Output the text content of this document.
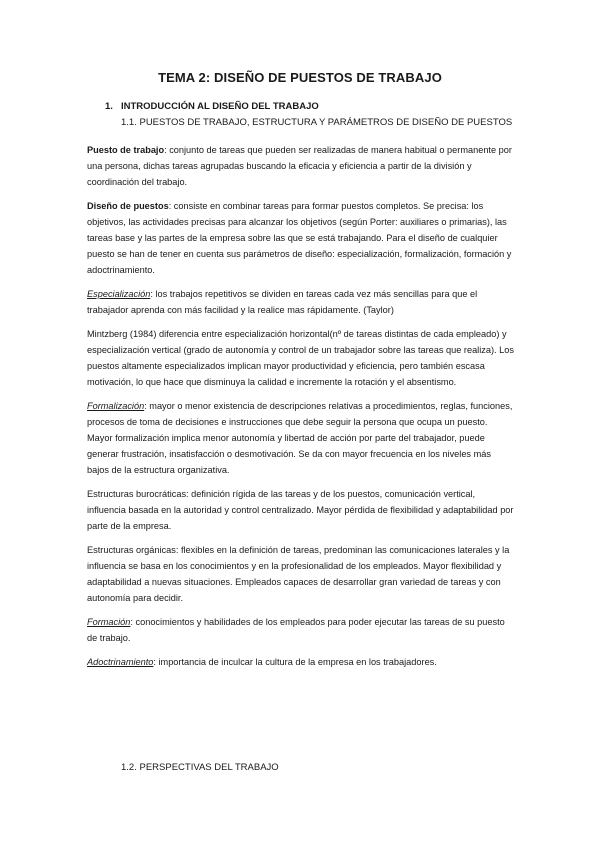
TEMA 2: DISEÑO DE PUESTOS DE TRABAJO
1. INTRODUCCIÓN AL DISEÑO DEL TRABAJO
1.1. PUESTOS DE TRABAJO, ESTRUCTURA Y PARÁMETROS DE DISEÑO DE PUESTOS

Puesto de trabajo: conjunto de tareas que pueden ser realizadas de manera habitual o permanente por una persona, dichas tareas agrupadas buscando la eficacia y eficiencia a partir de la división y coordinación del trabajo.

Diseño de puestos: consiste en combinar tareas para formar puestos completos. Se precisa: los objetivos, las actividades precisas para alcanzar los objetivos (según Porter: auxiliares o primarias), las tareas base y las partes de la empresa sobre las que se está trabajando. Para el diseño de cualquier puesto se han de tener en cuenta sus parámetros de diseño: especialización, formalización, formación y adoctrinamiento.

Especialización: los trabajos repetitivos se dividen en tareas cada vez más sencillas para que el trabajador aprenda con más facilidad y la realice mas rápidamente. (Taylor)

Mintzberg (1984) diferencia entre especialización horizontal(nº de tareas distintas de cada empleado) y especialización vertical (grado de autonomía y control de un trabajador sobre las tareas que realiza). Los puestos altamente especializados implican mayor productividad y eficiencia, pero también escasa motivación, lo que hace que disminuya la calidad e incremente la rotación y el absentismo.

Formalización: mayor o menor existencia de descripciones relativas a procedimientos, reglas, funciones, procesos de toma de decisiones e instrucciones que debe seguir la persona que ocupa un puesto. Mayor formalización implica menor autonomía y libertad de acción por parte del trabajador, puede generar frustración, insatisfacción o desmotivación. Se da con mayor frecuencia en los niveles más bajos de la estructura organizativa.

Estructuras burocráticas: definición rígida de las tareas y de los puestos, comunicación vertical, influencia basada en la autoridad y control centralizado. Mayor pérdida de flexibilidad y adaptabilidad por parte de la empresa.

Estructuras orgánicas: flexibles en la definición de tareas, predominan las comunicaciones laterales y la influencia se basa en los conocimientos y en la profesionalidad de los empleados. Mayor flexibilidad y adaptabilidad a nuevas situaciones. Empleados capaces de desarrollar gran variedad de tareas y con autonomía para decidir.

Formación: conocimientos y habilidades de los empleados para poder ejecutar las tareas de su puesto de trabajo.

Adoctrinamiento: importancia de inculcar la cultura de la empresa en los trabajadores.

1.2. PERSPECTIVAS DEL TRABAJO
